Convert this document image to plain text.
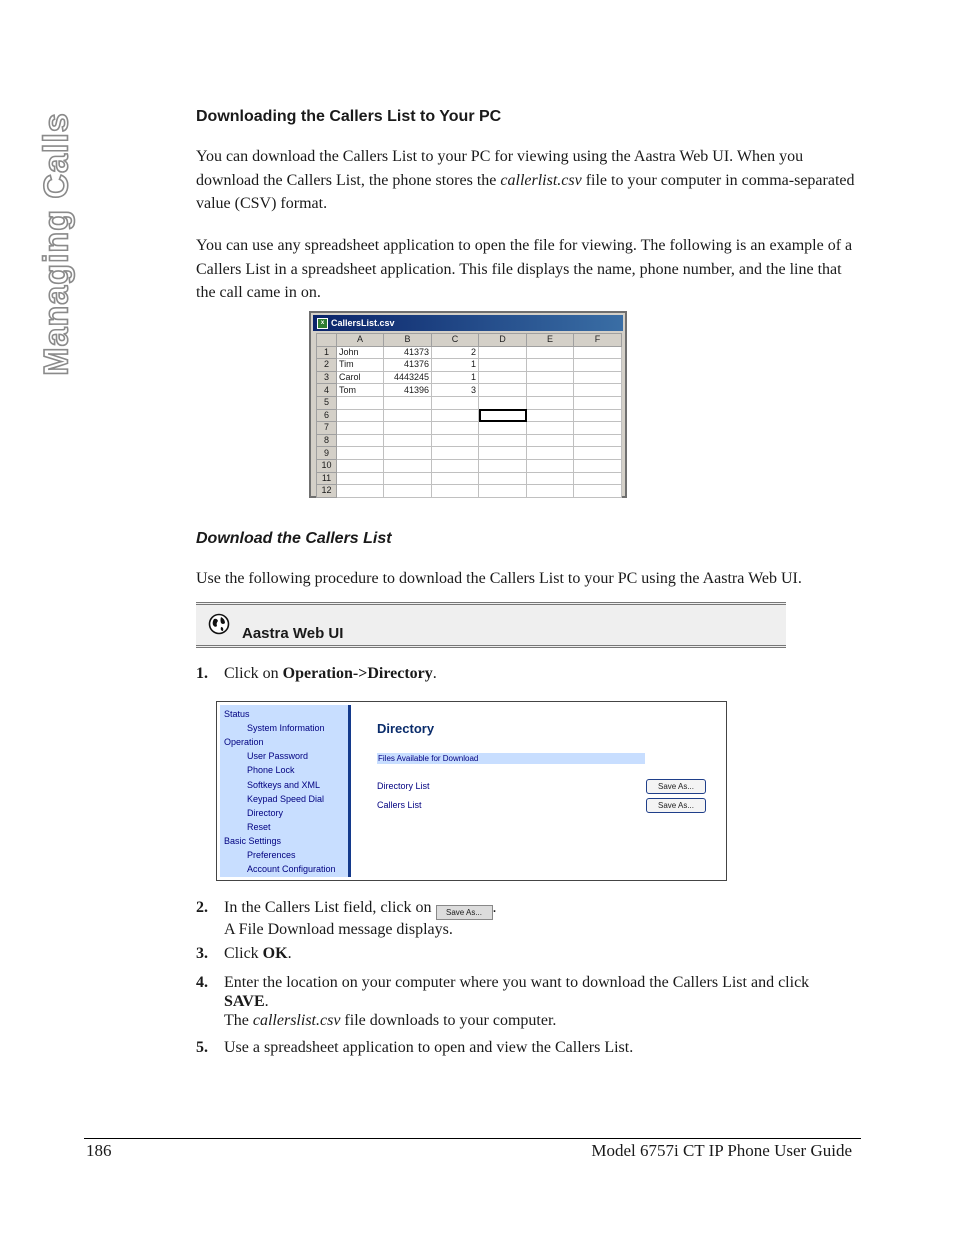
Managing Calls	Downloading the Callers List to Your PC

You can download the Callers List to your PC for viewing using the Aastra Web UI. When you download the Callers List, the phone stores the callerlist.csv file to your computer in comma-separated value (CSV) format.

You can use any spreadsheet application to open the file for viewing. The following is an example of a Callers List in a spreadsheet application. This file displays the name, phone number, and the line that the call came in on.

x CallersList.csv
	A	B	C	D	E	F
1	John	41373	2			
2	Tim	41376	1			
3	Carol	4443245	1			
4	Tom	41396	3			
5						
6						
7						
8						
9						
10						
11						
12						
Download the Callers List

Use the following procedure to download the Callers List to your PC using the Aastra Web UI.

Aastra Web UI
1. Click on Operation->Directory.
Status
System Information
Operation
User Password
Phone Lock
Softkeys and XML
Keypad Speed Dial
Directory
Reset
Basic Settings
Preferences
Account Configuration
Directory
Files Available for Download
Directory List	Save As...
Callers List	Save As...
2. In the Callers List field, click on Save As... .
A File Download message displays.
3. Click OK.
4. Enter the location on your computer where you want to download the Callers List and click SAVE.
The callerslist.csv file downloads to your computer.
5. Use a spreadsheet application to open and view the Callers List.
186	Model 6757i CT IP Phone User Guide
